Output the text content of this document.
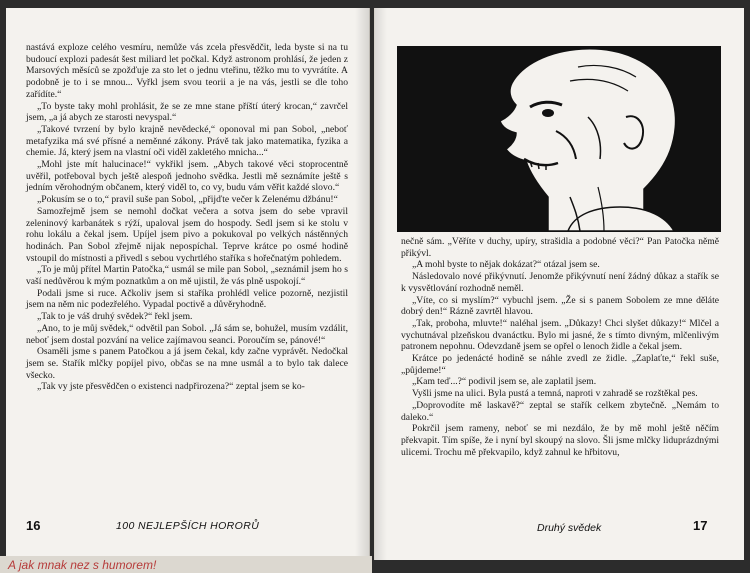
nastává exploze celého vesmíru, nemůže vás zcela přesvědčit, leda byste si na tu budoucí explozi padesát šest miliard let počkal. Když astronom prohlásí, že jeden z Marsových měsíců se zpožďuje za sto let o jednu vteřinu, těžko mu to vyvrátíte. A podobně je to i se mnou... Vyřkl jsem svou teorii a je na vás, jestli se dle toho zařídíte.“

„To byste taky mohl prohlásit, že se ze mne stane příští úterý krocan,“ zavrčel jsem, „a já abych ze starosti nevyspal.“

„Takové tvrzení by bylo krajně nevědecké,“ oponoval mi pan Sobol, „neboť metafyzika má své přísné a neměnné zákony. Právě tak jako matematika, fyzika a chemie. Já, který jsem na vlastní oči viděl zakletého mnicha...“

„Mohl jste mít halucinace!“ vykřikl jsem. „Abych takové věci stoprocentně uvěřil, potřeboval bych ještě alespoň jednoho svědka. Jestli mě seznámíte ještě s jedním věrohodným občanem, který viděl to, co vy, budu vám věřit každé slovo.“

„Pokusím se o to,“ pravil suše pan Sobol, „přijďte večer k Zelenému džbánu!“

Samozřejmě jsem se nemohl dočkat večera a sotva jsem do sebe vpravil zeleninový karbanátek s rýží, upaloval jsem do hospody. Sedl jsem si ke stolu v rohu lokálu a čekal jsem. Upíjel jsem pivo a pokukoval po velkých nástěnných hodinách. Pan Sobol zřejmě nijak nepospíchal. Teprve krátce po osmé hodině vstoupil do místnosti a přivedl s sebou vychrtlého staříka s hořečnatým pohledem.

„To je můj přítel Martin Patočka,“ usmál se mile pan Sobol, „seznámil jsem ho s vaší nedůvěrou k mým poznatkům a on mě ujistil, že vás plně uspokojí.“

Podali jsme si ruce. Ačkoliv jsem si staříka prohlédl velice pozorně, nezjistil jsem na něm nic podezřelého. Vypadal poctivě a důvěryhodně.

„Tak to je váš druhý svědek?“ řekl jsem.

„Ano, to je můj svědek,“ odvětil pan Sobol. „Já sám se, bohužel, musím vzdálit, neboť jsem dostal pozvání na velice zajímavou seanci. Poroučím se, pánové!“

Osaměli jsme s panem Patočkou a já jsem čekal, kdy začne vyprávět. Nedočkal jsem se. Stařík mlčky popíjel pivo, občas se na mne usmál a to bylo tak dalece všecko.

„Tak vy jste přesvědčen o existenci nadpřirozena?“ zeptal jsem se ko-

16	100 NEJLEPŠÍCH HORORŮ

nečně sám. „Věříte v duchy, upíry, strašidla a podobné věci?“ Pan Patočka němě přikývl.

„A mohl byste to nějak dokázat?“ otázal jsem se.

Následovalo nové přikývnutí. Jenomže přikývnutí není žádný důkaz a stařík se k vysvětlování rozhodně neměl.

„Víte, co si myslím?“ vybuchl jsem. „Že si s panem Sobolem ze mne děláte dobrý den!“ Rázně zavrtěl hlavou.

„Tak, proboha, mluvte!“ naléhal jsem. „Důkazy! Chci slyšet důkazy!“ Mlčel a vychutnával plzeňskou dvanáctku. Bylo mi jasné, že s tímto divným, mlčenlivým patronem nepohnu. Odevzdaně jsem se opřel o lenoch židle a čekal jsem.

Krátce po jedenácté hodině se náhle zvedl ze židle. „Zaplaťte,“ řekl suše, „půjdeme!“

„Kam teď...?“ podivil jsem se, ale zaplatil jsem.

Vyšli jsme na ulici. Byla pustá a temná, naproti v zahradě se rozštěkal pes.

„Doprovodíte mě laskavě?“ zeptal se stařík celkem zbytečně. „Nemám to daleko.“

Pokrčil jsem rameny, neboť se mi nezdálo, že by mě mohl ještě něčím překvapit. Tím spíše, že i nyní byl skoupý na slovo. Šli jsme mlčky liduprázdnými ulicemi. Trochu mě překvapilo, když zahnul ke hřbitovu,

Druhý svědek	17
A jak mnak nez s humorem!
